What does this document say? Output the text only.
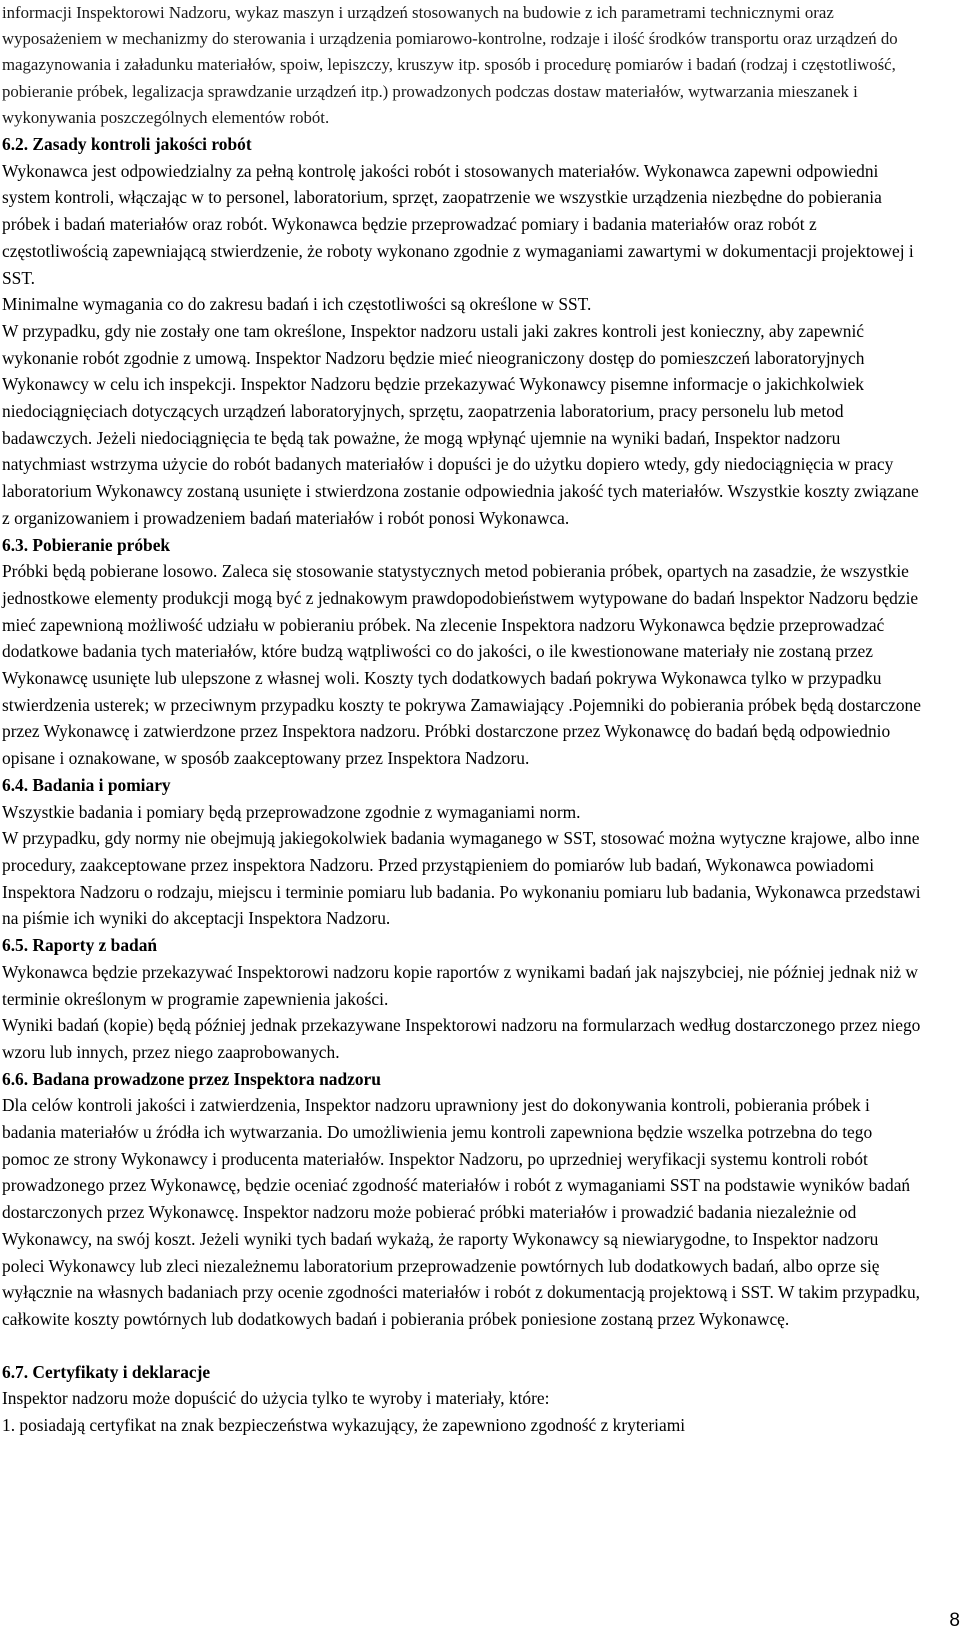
informacji Inspektorowi Nadzoru, wykaz maszyn i urządzeń stosowanych na budowie z ich parametrami technicznymi oraz wyposażeniem w mechanizmy do sterowania i urządzenia pomiarowo-kontrolne, rodzaje i ilość środków transportu oraz urządzeń do magazynowania i załadunku materiałów, spoiw, lepiszczy, kruszyw itp. sposób i procedurę pomiarów i badań (rodzaj i częstotliwość, pobieranie próbek, legalizacja sprawdzanie urządzeń itp.) prowadzonych podczas dostaw materiałów, wytwarzania mieszanek i wykonywania poszczególnych elementów robót.

6.2. Zasady kontroli jakości robót

Wykonawca jest odpowiedzialny za pełną kontrolę jakości robót i stosowanych materiałów. Wykonawca zapewni odpowiedni system kontroli, włączając w to personel, laboratorium, sprzęt, zaopatrzenie we wszystkie urządzenia niezbędne do pobierania próbek i badań materiałów oraz robót. Wykonawca będzie przeprowadzać pomiary i badania materiałów oraz robót z częstotliwością zapewniającą stwierdzenie, że roboty wykonano zgodnie z wymaganiami zawartymi w dokumentacji projektowej i SST.

Minimalne wymagania co do zakresu badań i ich częstotliwości są określone w SST.

W przypadku, gdy nie zostały one tam określone, Inspektor nadzoru ustali jaki zakres kontroli jest konieczny, aby zapewnić wykonanie robót zgodnie z umową. Inspektor Nadzoru będzie mieć nieograniczony dostęp do pomieszczeń laboratoryjnych Wykonawcy w celu ich inspekcji. Inspektor Nadzoru będzie przekazywać Wykonawcy pisemne informacje o jakichkolwiek niedociągnięciach dotyczących urządzeń laboratoryjnych, sprzętu, zaopatrzenia laboratorium, pracy personelu lub metod badawczych. Jeżeli niedociągnięcia te będą tak poważne, że mogą wpłynąć ujemnie na wyniki badań, Inspektor nadzoru natychmiast wstrzyma użycie do robót badanych materiałów i dopuści je do użytku dopiero wtedy, gdy niedociągnięcia w pracy laboratorium Wykonawcy zostaną usunięte i stwierdzona zostanie odpowiednia jakość tych materiałów. Wszystkie koszty związane z organizowaniem i prowadzeniem badań materiałów i robót ponosi Wykonawca.

6.3. Pobieranie próbek

Próbki będą pobierane losowo. Zaleca się stosowanie statystycznych metod pobierania próbek, opartych na zasadzie, że wszystkie jednostkowe elementy produkcji mogą być z jednakowym prawdopodobieństwem wytypowane do badań lnspektor Nadzoru będzie mieć zapewnioną możliwość udziału w pobieraniu próbek. Na zlecenie Inspektora nadzoru Wykonawca będzie przeprowadzać dodatkowe badania tych materiałów, które budzą wątpliwości co do jakości, o ile kwestionowane materiały nie zostaną przez Wykonawcę usunięte lub ulepszone z własnej woli. Koszty tych dodatkowych badań pokrywa Wykonawca tylko w przypadku stwierdzenia usterek; w przeciwnym przypadku koszty te pokrywa Zamawiający .Pojemniki do pobierania próbek będą dostarczone przez Wykonawcę i zatwierdzone przez Inspektora nadzoru. Próbki dostarczone przez Wykonawcę do badań będą odpowiednio opisane i oznakowane, w sposób zaakceptowany przez Inspektora Nadzoru.

6.4. Badania i pomiary

Wszystkie badania i pomiary będą przeprowadzone zgodnie z wymaganiami norm.

W przypadku, gdy normy nie obejmują jakiegokolwiek badania wymaganego w SST, stosować można wytyczne krajowe, albo inne procedury, zaakceptowane przez inspektora Nadzoru. Przed przystąpieniem do pomiarów lub badań, Wykonawca powiadomi Inspektora Nadzoru o rodzaju, miejscu i terminie pomiaru lub badania. Po wykonaniu pomiaru lub badania, Wykonawca przedstawi na piśmie ich wyniki do akceptacji Inspektora Nadzoru.

6.5. Raporty z badań

Wykonawca będzie przekazywać Inspektorowi nadzoru kopie raportów z wynikami badań jak najszybciej, nie później jednak niż w terminie określonym w programie zapewnienia jakości.

Wyniki badań (kopie) będą później jednak przekazywane Inspektorowi nadzoru na formularzach według dostarczonego przez niego wzoru lub innych, przez niego zaaprobowanych.

6.6. Badana prowadzone przez Inspektora nadzoru

Dla celów kontroli jakości i zatwierdzenia, Inspektor nadzoru uprawniony jest do dokonywania kontroli, pobierania próbek i badania materiałów u źródła ich wytwarzania. Do umożliwienia jemu kontroli zapewniona będzie wszelka potrzebna do tego pomoc ze strony Wykonawcy i producenta materiałów. Inspektor Nadzoru, po uprzedniej weryfikacji systemu kontroli robót prowadzonego przez Wykonawcę, będzie oceniać zgodność materiałów i robót z wymaganiami SST na podstawie wyników badań dostarczonych przez Wykonawcę. Inspektor nadzoru może pobierać próbki materiałów i prowadzić badania niezależnie od Wykonawcy, na swój koszt. Jeżeli wyniki tych badań wykażą, że raporty Wykonawcy są niewiarygodne, to Inspektor nadzoru poleci Wykonawcy lub zleci niezależnemu laboratorium przeprowadzenie powtórnych lub dodatkowych badań, albo oprze się wyłącznie na własnych badaniach przy ocenie zgodności materiałów i robót z dokumentacją projektową i SST. W takim przypadku, całkowite koszty powtórnych lub dodatkowych badań i pobierania próbek poniesione zostaną przez Wykonawcę.

6.7. Certyfikaty i deklaracje

Inspektor nadzoru może dopuścić do użycia tylko te wyroby i materiały, które:

1. posiadają certyfikat na znak bezpieczeństwa wykazujący, że zapewniono zgodność z kryteriami

8
